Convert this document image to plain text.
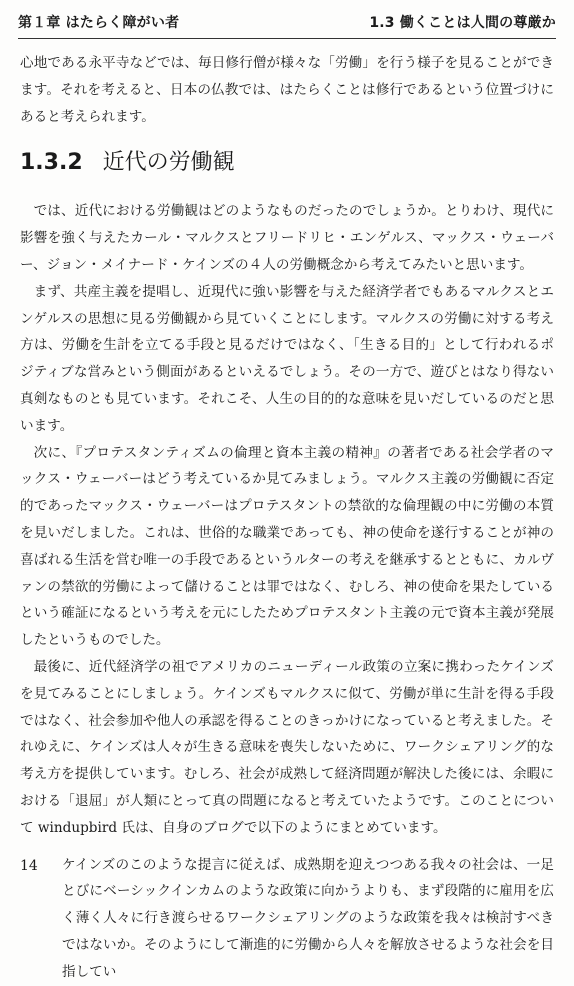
第１章 はたらく障がい者	1.3 働くことは人間の尊厳か

心地である永平寺などでは、毎日修行僧が様々な「労働」を行う様子を見ることができます。それを考えると、日本の仏教では、はたらくことは修行であるという位置づけにあると考えられます。

1.3.2 近代の労働観

では、近代における労働観はどのようなものだったのでしょうか。とりわけ、現代に影響を強く与えたカール・マルクスとフリードリヒ・エンゲルス、マックス・ウェーバー、ジョン・メイナード・ケインズの４人の労働概念から考えてみたいと思います。

まず、共産主義を提唱し、近現代に強い影響を与えた経済学者でもあるマルクスとエンゲルスの思想に見る労働観から見ていくことにします。マルクスの労働に対する考え方は、労働を生計を立てる手段と見るだけではなく、「生きる目的」として行われるポジティブな営みという側面があるといえるでしょう。その一方で、遊びとはなり得ない真剣なものとも見ています。それこそ、人生の目的的な意味を見いだしているのだと思います。

次に、『プロテスタンティズムの倫理と資本主義の精神』の著者である社会学者のマックス・ウェーバーはどう考えているか見てみましょう。マルクス主義の労働観に否定的であったマックス・ウェーバーはプロテスタントの禁欲的な倫理観の中に労働の本質を見いだしました。これは、世俗的な職業であっても、神の使命を遂行することが神の喜ばれる生活を営む唯一の手段であるというルターの考えを継承するとともに、カルヴァンの禁欲的労働によって儲けることは罪ではなく、むしろ、神の使命を果たしているという確証になるという考えを元にしたためプロテスタント主義の元で資本主義が発展したというものでした。

最後に、近代経済学の祖でアメリカのニューディール政策の立案に携わったケインズを見てみることにしましょう。ケインズもマルクスに似て、労働が単に生計を得る手段ではなく、社会参加や他人の承認を得ることのきっかけになっていると考えました。それゆえに、ケインズは人々が生きる意味を喪失しないために、ワークシェアリング的な考え方を提供しています。むしろ、社会が成熟して経済問題が解決した後には、余暇における「退屈」が人類にとって真の問題になると考えていたようです。このことについて windupbird 氏は、自身のブログで以下のようにまとめています。

ケインズのこのような提言に従えば、成熟期を迎えつつある我々の社会は、一足とびにベーシックインカムのような政策に向かうよりも、まず段階的に雇用を広く薄く人々に行き渡らせるワークシェアリングのような政策を我々は検討すべきではないか。そのようにして漸進的に労働から人々を解放させるような社会を目指してい

14
